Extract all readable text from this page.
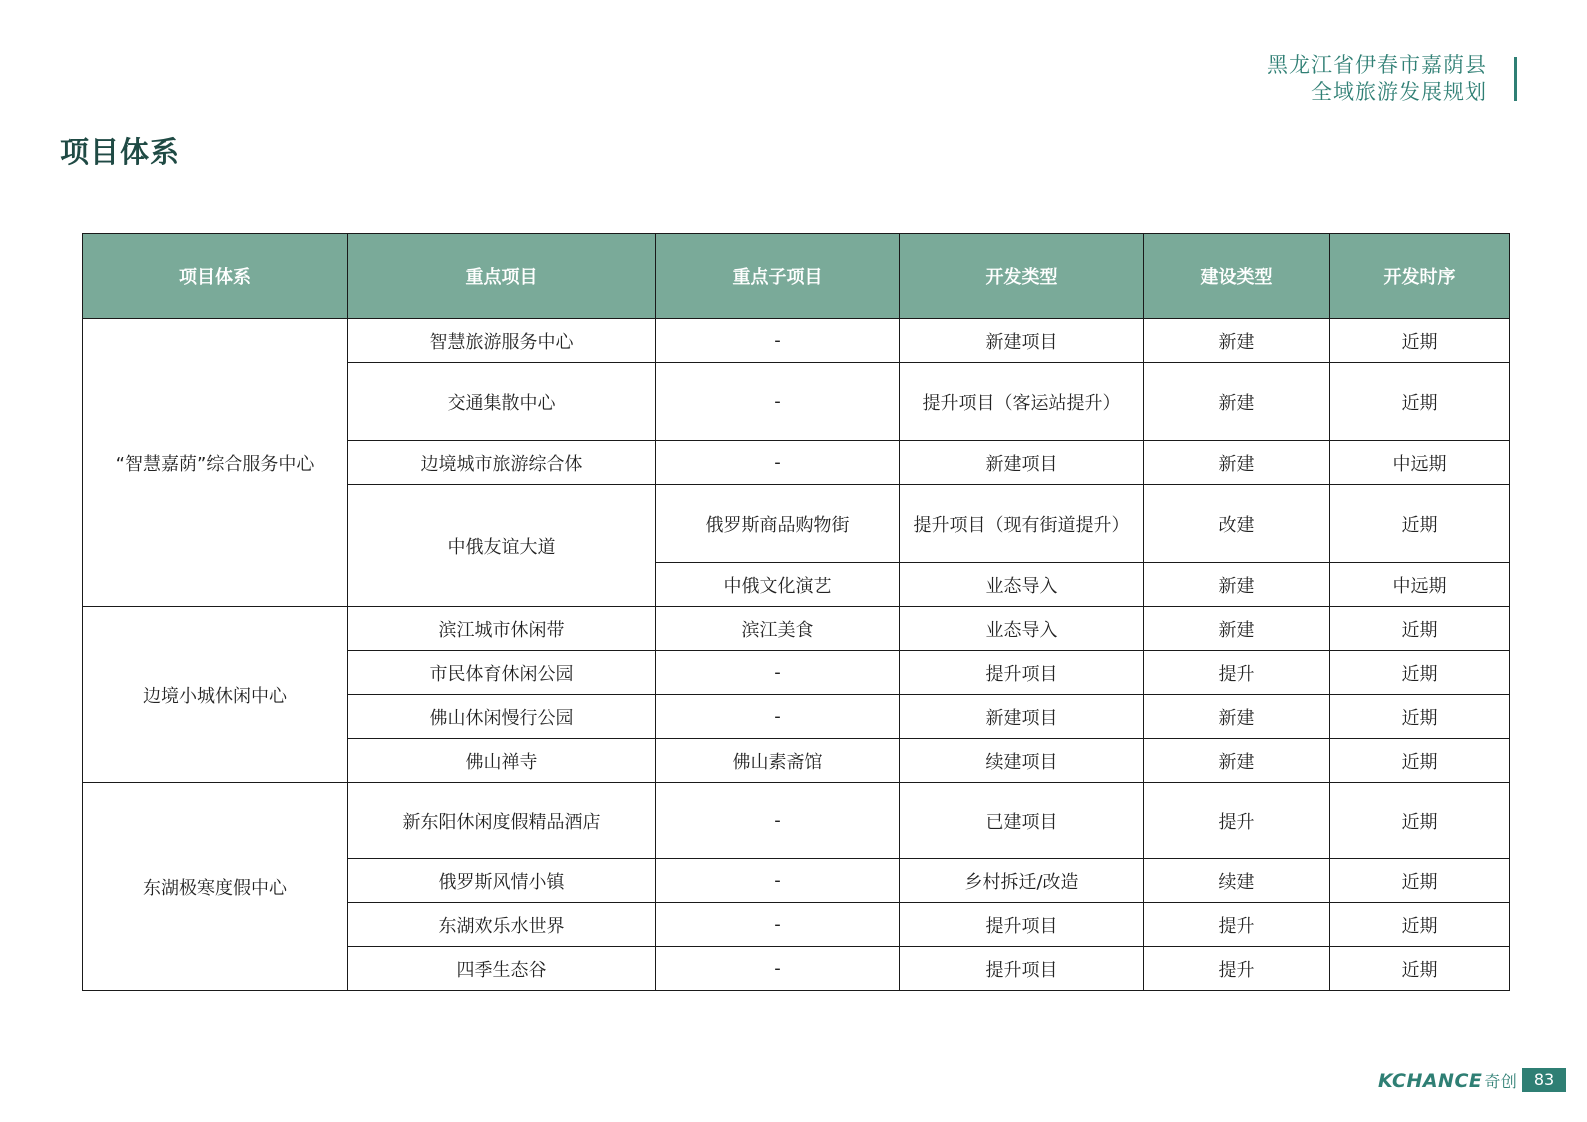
黑龙江省伊春市嘉荫县
全域旅游发展规划
项目体系
项目体系	重点项目	重点子项目	开发类型	建设类型	开发时序
“智慧嘉荫”综合服务中心	智慧旅游服务中心	-	新建项目	新建	近期
	交通集散中心	-	提升项目（客运站提升）	新建	近期
	边境城市旅游综合体	-	新建项目	新建	中远期
	中俄友谊大道	俄罗斯商品购物街	提升项目（现有街道提升）	改建	近期
		中俄文化演艺	业态导入	新建	中远期
边境小城休闲中心	滨江城市休闲带	滨江美食	业态导入	新建	近期
	市民体育休闲公园	-	提升项目	提升	近期
	佛山休闲慢行公园	-	新建项目	新建	近期
	佛山禅寺	佛山素斋馆	续建项目	新建	近期
东湖极寒度假中心	新东阳休闲度假精品酒店	-	已建项目	提升	近期
	俄罗斯风情小镇	-	乡村拆迁/改造	续建	近期
	东湖欢乐水世界	-	提升项目	提升	近期
	四季生态谷	-	提升项目	提升	近期
KCHANCE 奇创	83
